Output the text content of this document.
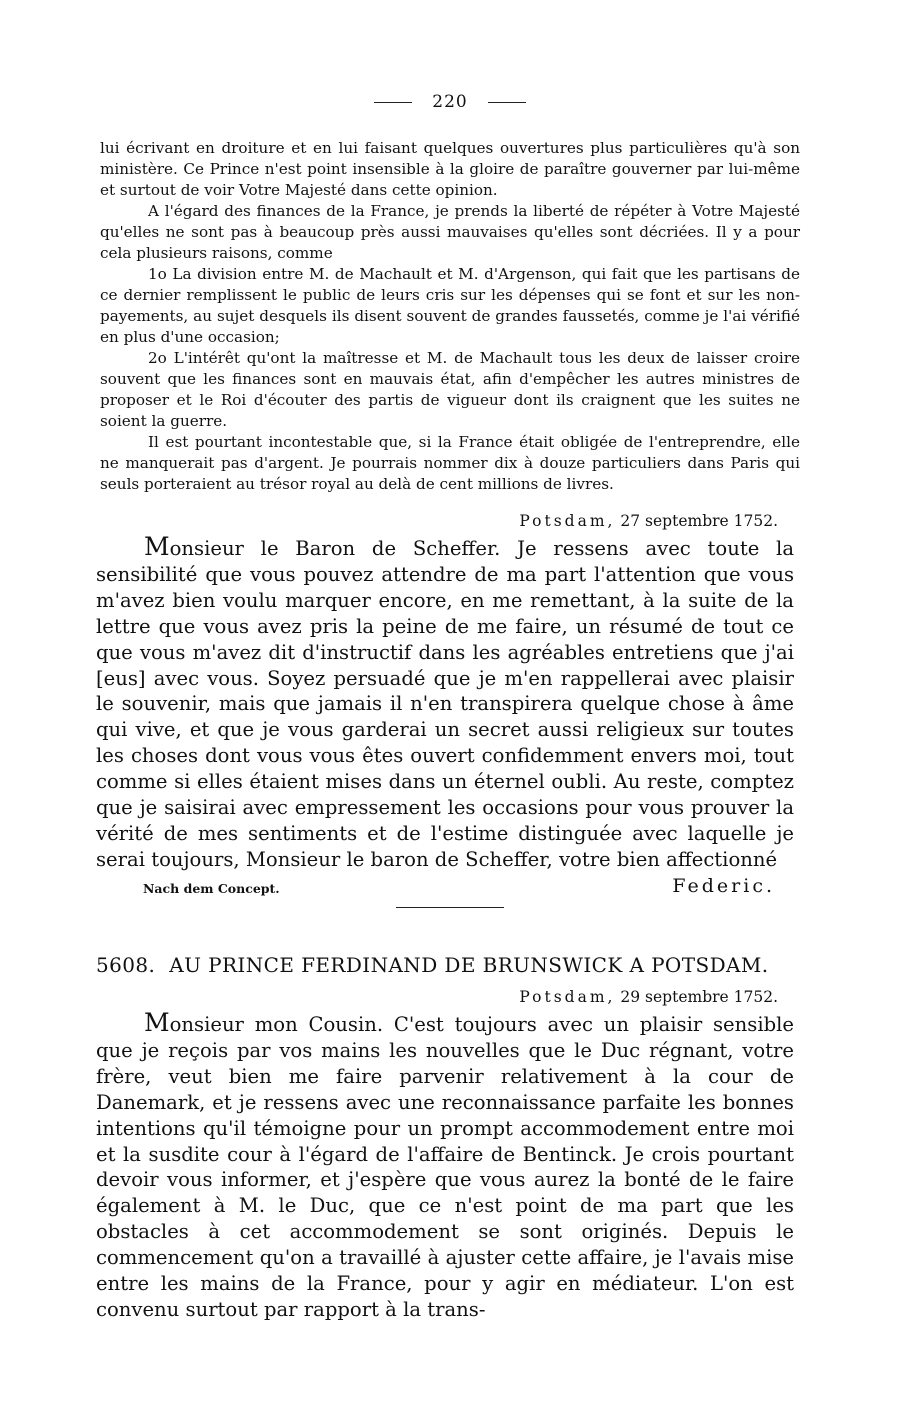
220

lui écrivant en droiture et en lui faisant quelques ouvertures plus particulières qu'à son ministère. Ce Prince n'est point insensible à la gloire de paraître gouverner par lui-même et surtout de voir Votre Majesté dans cette opinion.

A l'égard des finances de la France, je prends la liberté de répéter à Votre Majesté qu'elles ne sont pas à beaucoup près aussi mauvaises qu'elles sont décriées. Il y a pour cela plusieurs raisons, comme

1o La division entre M. de Machault et M. d'Argenson, qui fait que les partisans de ce dernier remplissent le public de leurs cris sur les dépenses qui se font et sur les non-payements, au sujet desquels ils disent souvent de grandes faussetés, comme je l'ai vérifié en plus d'une occasion;

2o L'intérêt qu'ont la maîtresse et M. de Machault tous les deux de laisser croire souvent que les finances sont en mauvais état, afin d'empêcher les autres ministres de proposer et le Roi d'écouter des partis de vigueur dont ils craignent que les suites ne soient la guerre.

Il est pourtant incontestable que, si la France était obligée de l'entreprendre, elle ne manquerait pas d'argent. Je pourrais nommer dix à douze particuliers dans Paris qui seuls porteraient au trésor royal au delà de cent millions de livres.

Potsdam, 27 septembre 1752.

Monsieur le Baron de Scheffer. Je ressens avec toute la sensibilité que vous pouvez attendre de ma part l'attention que vous m'avez bien voulu marquer encore, en me remettant, à la suite de la lettre que vous avez pris la peine de me faire, un résumé de tout ce que vous m'avez dit d'instructif dans les agréables entretiens que j'ai [eus] avec vous. Soyez persuadé que je m'en rappellerai avec plaisir le souvenir, mais que jamais il n'en transpirera quelque chose à âme qui vive, et que je vous garderai un secret aussi religieux sur toutes les choses dont vous vous êtes ouvert confidemment envers moi, tout comme si elles étaient mises dans un éternel oubli. Au reste, comptez que je saisirai avec empressement les occasions pour vous prouver la vérité de mes sentiments et de l'estime distinguée avec laquelle je serai toujours, Monsieur le baron de Scheffer, votre bien affectionné

Nach dem Concept.	Federic.
5608. AU PRINCE FERDINAND DE BRUNSWICK A POTSDAM.
Potsdam, 29 septembre 1752.

Monsieur mon Cousin. C'est toujours avec un plaisir sensible que je reçois par vos mains les nouvelles que le Duc régnant, votre frère, veut bien me faire parvenir relativement à la cour de Danemark, et je ressens avec une reconnaissance parfaite les bonnes intentions qu'il témoigne pour un prompt accommodement entre moi et la susdite cour à l'égard de l'affaire de Bentinck. Je crois pourtant devoir vous informer, et j'espère que vous aurez la bonté de le faire également à M. le Duc, que ce n'est point de ma part que les obstacles à cet accommodement se sont originés. Depuis le commencement qu'on a travaillé à ajuster cette affaire, je l'avais mise entre les mains de la France, pour y agir en médiateur. L'on est convenu surtout par rapport à la trans-
